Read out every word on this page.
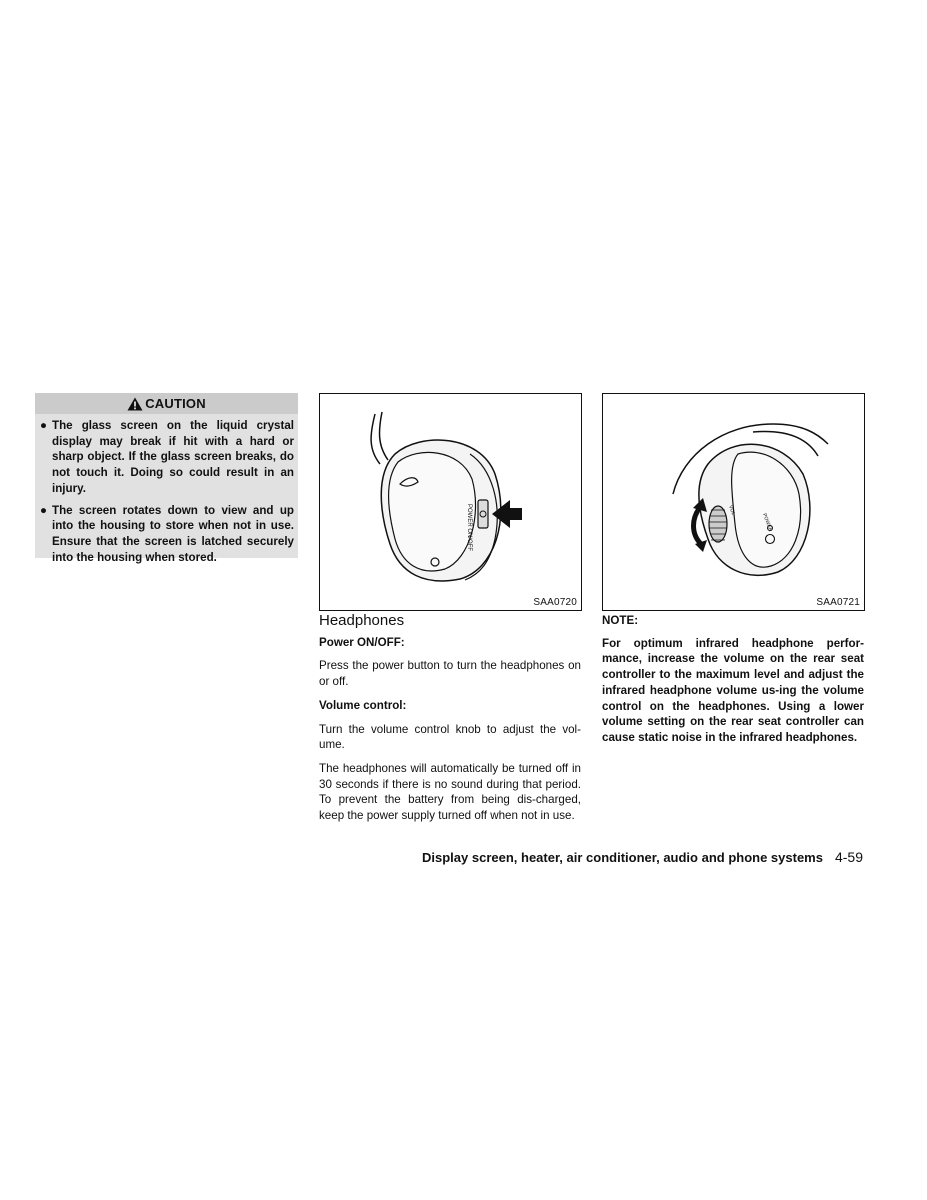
CAUTION
● The glass screen on the liquid crystal display may break if hit with a hard or sharp object. If the glass screen breaks, do not touch it. Doing so could result in an injury.
● The screen rotates down to view and up into the housing to store when not in use. Ensure that the screen is latched securely into the housing when stored.
POWER ON/OFF
SAA0720
POWER
VOL
SAA0721
Headphones
Power ON/OFF:

Press the power button to turn the headphones on or off.

Volume control:

Turn the volume control knob to adjust the vol-ume.

The headphones will automatically be turned off in 30 seconds if there is no sound during that period. To prevent the battery from being dis-charged, keep the power supply turned off when not in use.

NOTE:

For optimum infrared headphone perfor-mance, increase the volume on the rear seat controller to the maximum level and adjust the infrared headphone volume us-ing the volume control on the headphones. Using a lower volume setting on the rear seat controller can cause static noise in the infrared headphones.

Display screen, heater, air conditioner, audio and phone systems 4-59
